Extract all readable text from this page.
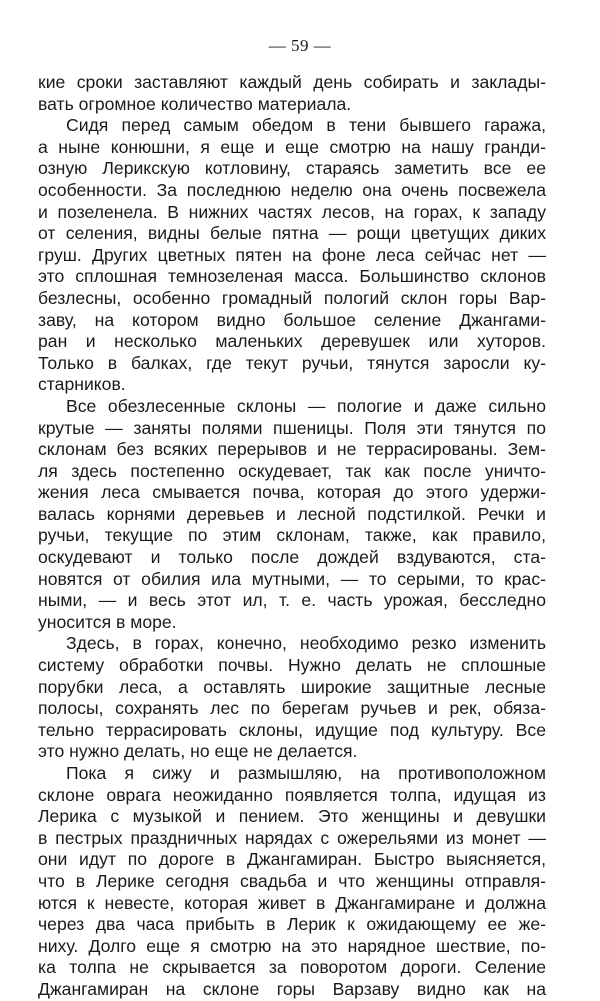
— 59 —
кие сроки заставляют каждый день собирать и заклады-
вать огромное количество материала.
Сидя перед самым обедом в тени бывшего гаража,
а ныне конюшни, я еще и еще смотрю на нашу гранди-
озную Лерикскую котловину, стараясь заметить все ее
особенности. За последнюю неделю она очень посвежела
и позеленела. В нижних частях лесов, на горах, к западу
от селения, видны белые пятна — рощи цветущих диких
груш. Других цветных пятен на фоне леса сейчас нет —
это сплошная темнозеленая масса. Большинство склонов
безлесны, особенно громадный пологий склон горы Вар-
заву, на котором видно большое селение Джангами-
ран и несколько маленьких деревушек или хуторов.
Только в балках, где текут ручьи, тянутся заросли ку-
старников.
Все обезлесенные склоны — пологие и даже сильно
крутые — заняты полями пшеницы. Поля эти тянутся по
склонам без всяких перерывов и не террасированы. Зем-
ля здесь постепенно оскудевает, так как после уничто-
жения леса смывается почва, которая до этого удержи-
валась корнями деревьев и лесной подстилкой. Речки и
ручьи, текущие по этим склонам, также, как правило,
оскудевают и только после дождей вздуваются, ста-
новятся от обилия ила мутными, — то серыми, то крас-
ными, — и весь этот ил, т. е. часть урожая, бесследно
уносится в море.
Здесь, в горах, конечно, необходимо резко изменить
систему обработки почвы. Нужно делать не сплошные
порубки леса, а оставлять широкие защитные лесные
полосы, сохранять лес по берегам ручьев и рек, обяза-
тельно террасировать склоны, идущие под культуру. Все
это нужно делать, но еще не делается.
Пока я сижу и размышляю, на противоположном
склоне оврага неожиданно появляется толпа, идущая из
Лерика с музыкой и пением. Это женщины и девушки
в пестрых праздничных нарядах с ожерельями из монет —
они идут по дороге в Джангамиран. Быстро выясняется,
что в Лерике сегодня свадьба и что женщины отправля-
ются к невесте, которая живет в Джангамиране и должна
через два часа прибыть в Лерик к ожидающему ее же-
ниху. Долго еще я смотрю на это нарядное шествие, по-
ка толпа не скрывается за поворотом дороги. Селение
Джангамиран на склоне горы Варзаву видно как на
